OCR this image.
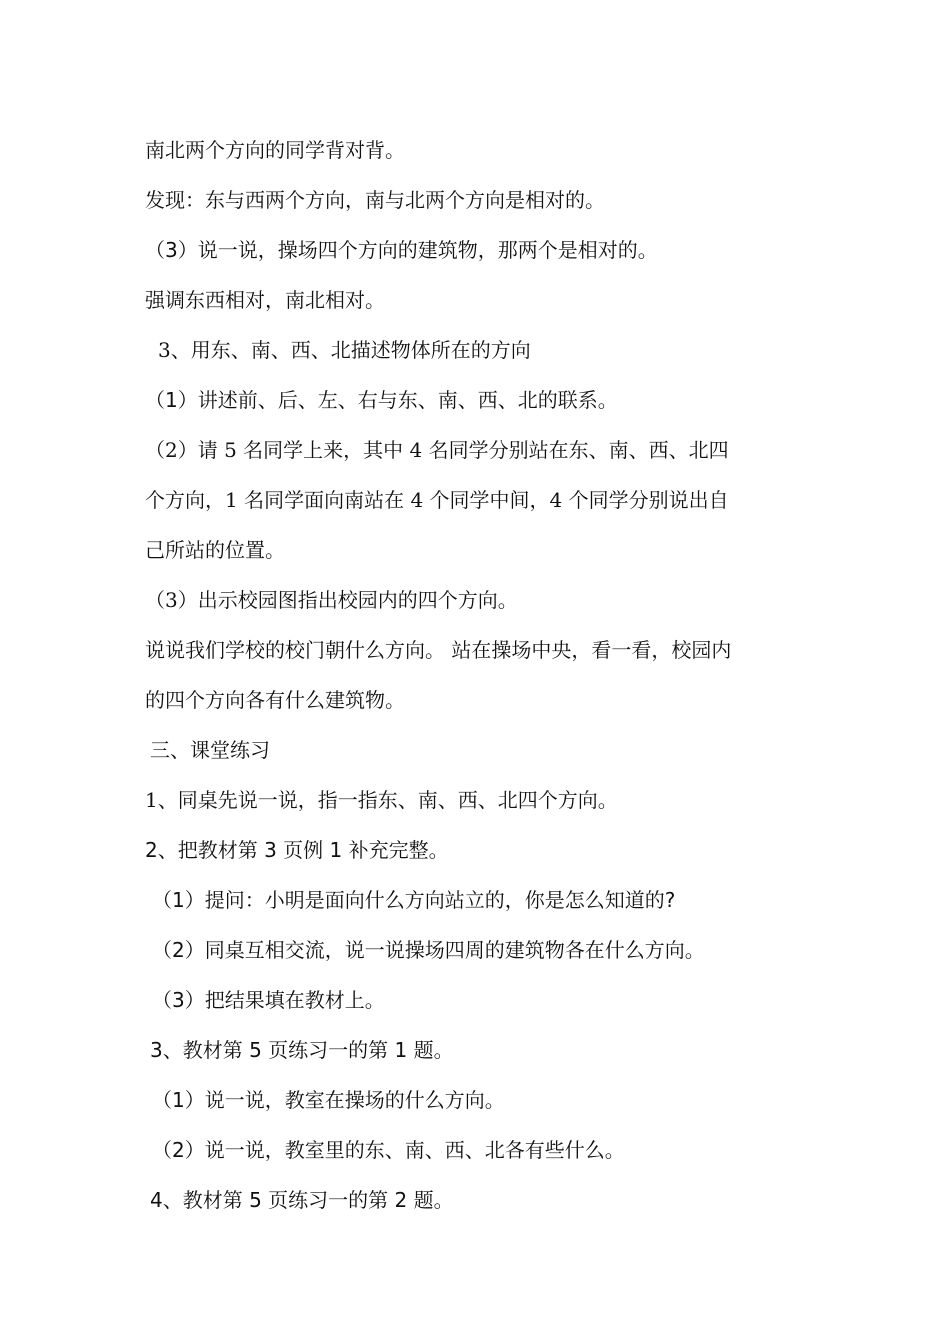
南北两个方向的同学背对背。
发现：东与西两个方向，南与北两个方向是相对的。
（3）说一说，操场四个方向的建筑物，那两个是相对的。
强调东西相对，南北相对。
3、用东、南、西、北描述物体所在的方向
（1）讲述前、后、左、右与东、南、西、北的联系。
（2）请 5 名同学上来，其中 4 名同学分别站在东、南、西、北四
个方向，1 名同学面向南站在 4 个同学中间，4 个同学分别说出自
己所站的位置。
（3）出示校园图指出校园内的四个方向。
说说我们学校的校门朝什么方向。 站在操场中央，看一看，校园内
的四个方向各有什么建筑物。
三、课堂练习
1、同桌先说一说，指一指东、南、西、北四个方向。
2、把教材第 3 页例 1 补充完整。
（1）提问：小明是面向什么方向站立的，你是怎么知道的?
（2）同桌互相交流，说一说操场四周的建筑物各在什么方向。
（3）把结果填在教材上。
3、教材第 5 页练习一的第 1 题。
（1）说一说，教室在操场的什么方向。
（2）说一说，教室里的东、南、西、北各有些什么。
4、教材第 5 页练习一的第 2 题。
